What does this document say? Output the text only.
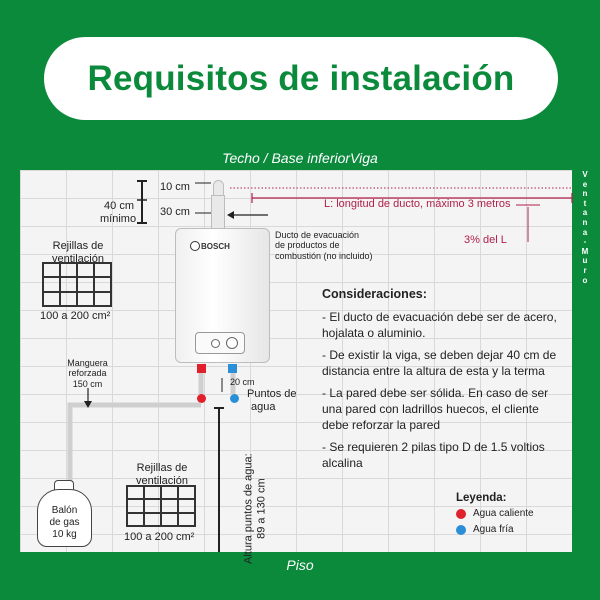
Requisitos de instalación
Techo / Base inferiorViga
V
e
n
t
a
n
a
-
M
u
r
o
Rejillas de
ventilación
100 a 200 cm²
Rejillas de
ventilación
100 a 200 cm²
BOSCH
10 cm
30 cm
40 cm
mínimo
L: longitud de ducto, máximo 3 metros
3% del L
Ducto de evacuación
de productos de
combustión (no incluido)
Manguera
reforzada
150 cm	20 cm
Puntos de
agua
Altura puntos de agua: 89 a 130 cm
Balón
de gas
10 kg
Consideraciones:
- El ducto de evacuación debe ser de acero, hojalata o aluminio.
- De existir la viga, se deben dejar 40 cm de distancia entre la altura de esta y la terma
- La pared debe ser sólida. En caso de ser una pared con ladrillos huecos, el cliente debe reforzar la pared
- Se requieren 2 pilas tipo D de 1.5 voltios alcalina
Leyenda:
Agua caliente
Agua fría
Piso
